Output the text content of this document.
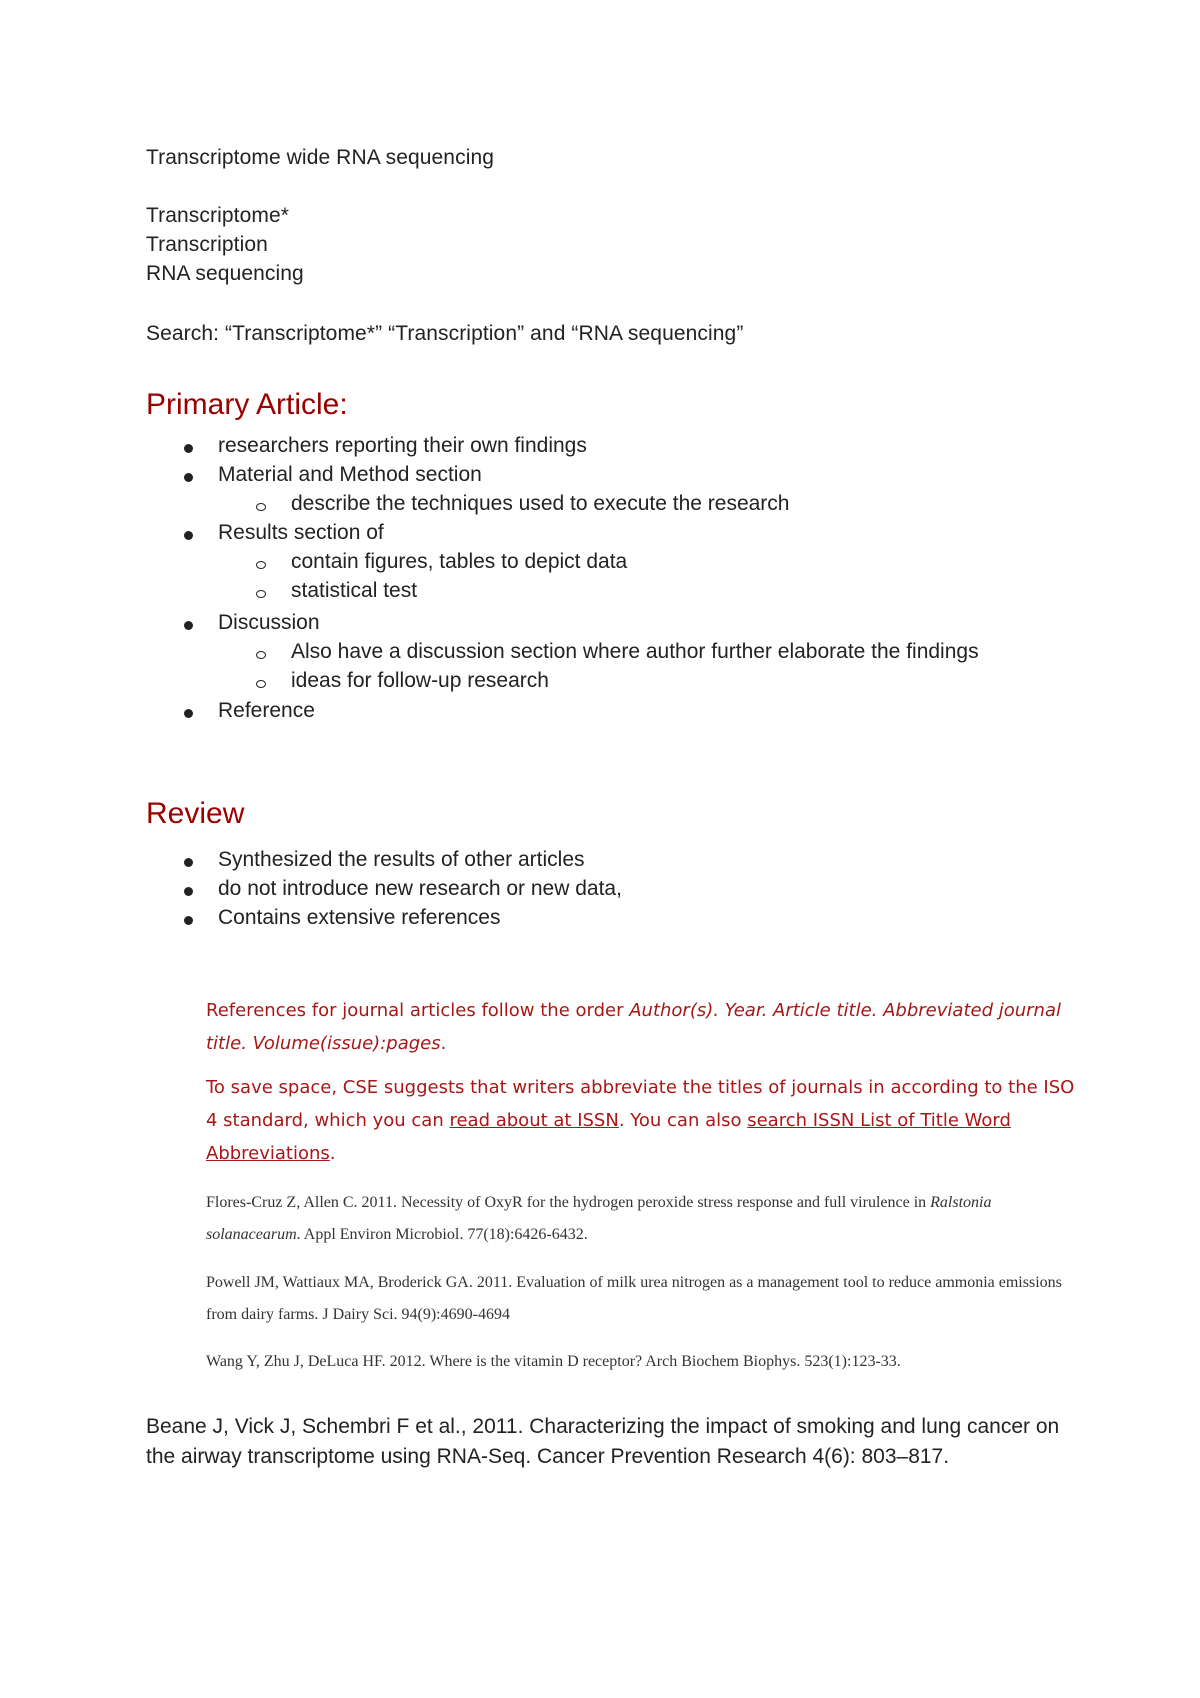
Transcriptome wide RNA sequencing
Transcriptome*
Transcription
RNA sequencing
Search: “Transcriptome*” “Transcription” and “RNA sequencing”
Primary Article:
researchers reporting their own findings
Material and Method section
describe the techniques used to execute the research
Results section of
contain figures, tables to depict data
statistical test
Discussion
Also have a discussion section where author further elaborate the findings
ideas for follow-up research
Reference
Review
Synthesized the results of other articles
do not introduce new research or new data,
Contains extensive references
References for journal articles follow the order Author(s). Year. Article title. Abbreviated journal title. Volume(issue):pages.
To save space, CSE suggests that writers abbreviate the titles of journals in according to the ISO 4 standard, which you can read about at ISSN. You can also search ISSN List of Title Word Abbreviations.
Flores-Cruz Z, Allen C. 2011. Necessity of OxyR for the hydrogen peroxide stress response and full virulence in Ralstonia solanacearum. Appl Environ Microbiol. 77(18):6426-6432.
Powell JM, Wattiaux MA, Broderick GA. 2011. Evaluation of milk urea nitrogen as a management tool to reduce ammonia emissions from dairy farms. J Dairy Sci. 94(9):4690-4694
Wang Y, Zhu J, DeLuca HF. 2012. Where is the vitamin D receptor? Arch Biochem Biophys. 523(1):123-33.
Beane J, Vick J, Schembri F et al., 2011. Characterizing the impact of smoking and lung cancer on the airway transcriptome using RNA-Seq. Cancer Prevention Research 4(6): 803–817.
